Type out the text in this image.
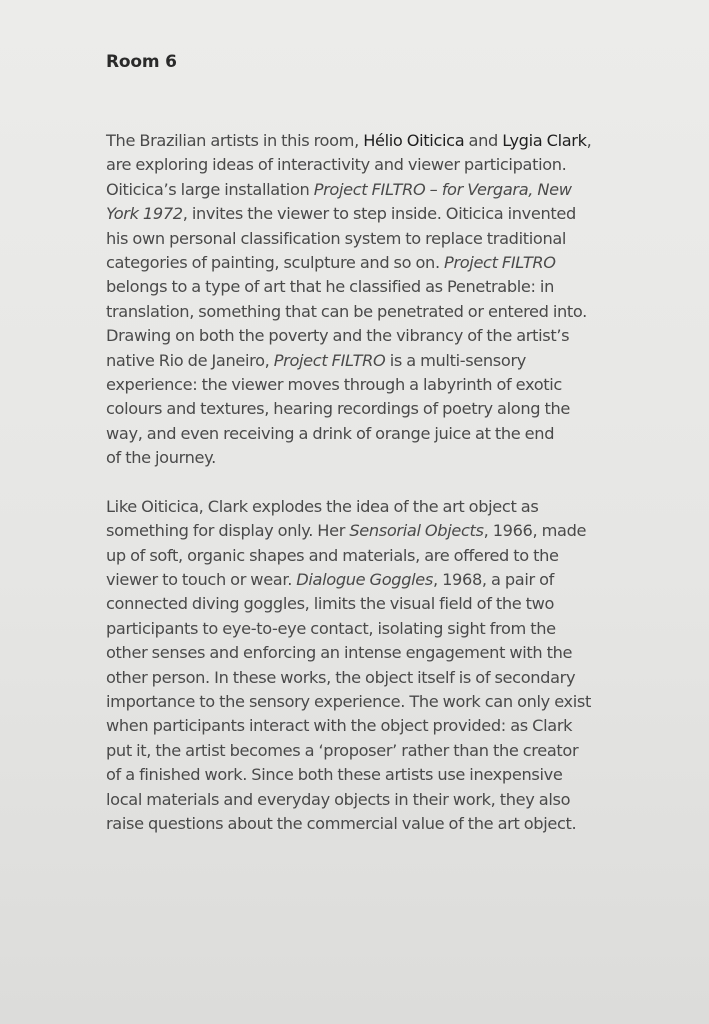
Room 6

The Brazilian artists in this room, Hélio Oiticica and Lygia Clark,
are exploring ideas of interactivity and viewer participation.
Oiticica’s large installation Project FILTRO – for Vergara, New
York 1972, invites the viewer to step inside. Oiticica invented
his own personal classification system to replace traditional
categories of painting, sculpture and so on. Project FILTRO
belongs to a type of art that he classified as Penetrable: in
translation, something that can be penetrated or entered into.
Drawing on both the poverty and the vibrancy of the artist’s
native Rio de Janeiro, Project FILTRO is a multi-sensory
experience: the viewer moves through a labyrinth of exotic
colours and textures, hearing recordings of poetry along the
way, and even receiving a drink of orange juice at the end
of the journey.

Like Oiticica, Clark explodes the idea of the art object as
something for display only. Her Sensorial Objects, 1966, made
up of soft, organic shapes and materials, are offered to the
viewer to touch or wear. Dialogue Goggles, 1968, a pair of
connected diving goggles, limits the visual field of the two
participants to eye-to-eye contact, isolating sight from the
other senses and enforcing an intense engagement with the
other person. In these works, the object itself is of secondary
importance to the sensory experience. The work can only exist
when participants interact with the object provided: as Clark
put it, the artist becomes a ‘proposer’ rather than the creator
of a finished work. Since both these artists use inexpensive
local materials and everyday objects in their work, they also
raise questions about the commercial value of the art object.
